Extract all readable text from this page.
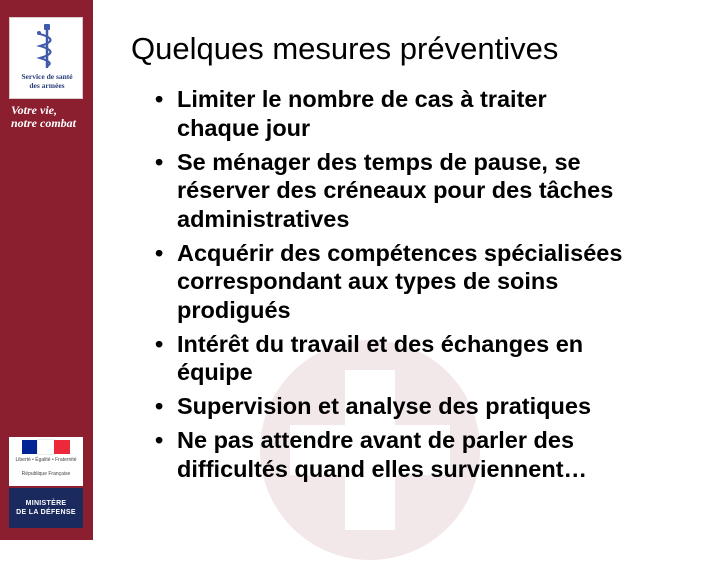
Service de santé
des armées
Votre vie,
notre combat
Liberté • Égalité • Fraternité
République Française
MINISTÈRE
DE LA DÉFENSE
Quelques mesures préventives
• Limiter le nombre de cas à traiter
chaque jour
• Se ménager des temps de pause, se
réserver des créneaux pour des tâches
administratives
• Acquérir des compétences spécialisées
correspondant aux types de soins
prodigués
• Intérêt du travail et des échanges en
équipe
• Supervision et analyse des pratiques
• Ne pas attendre avant de parler des
difficultés quand elles surviennent…
